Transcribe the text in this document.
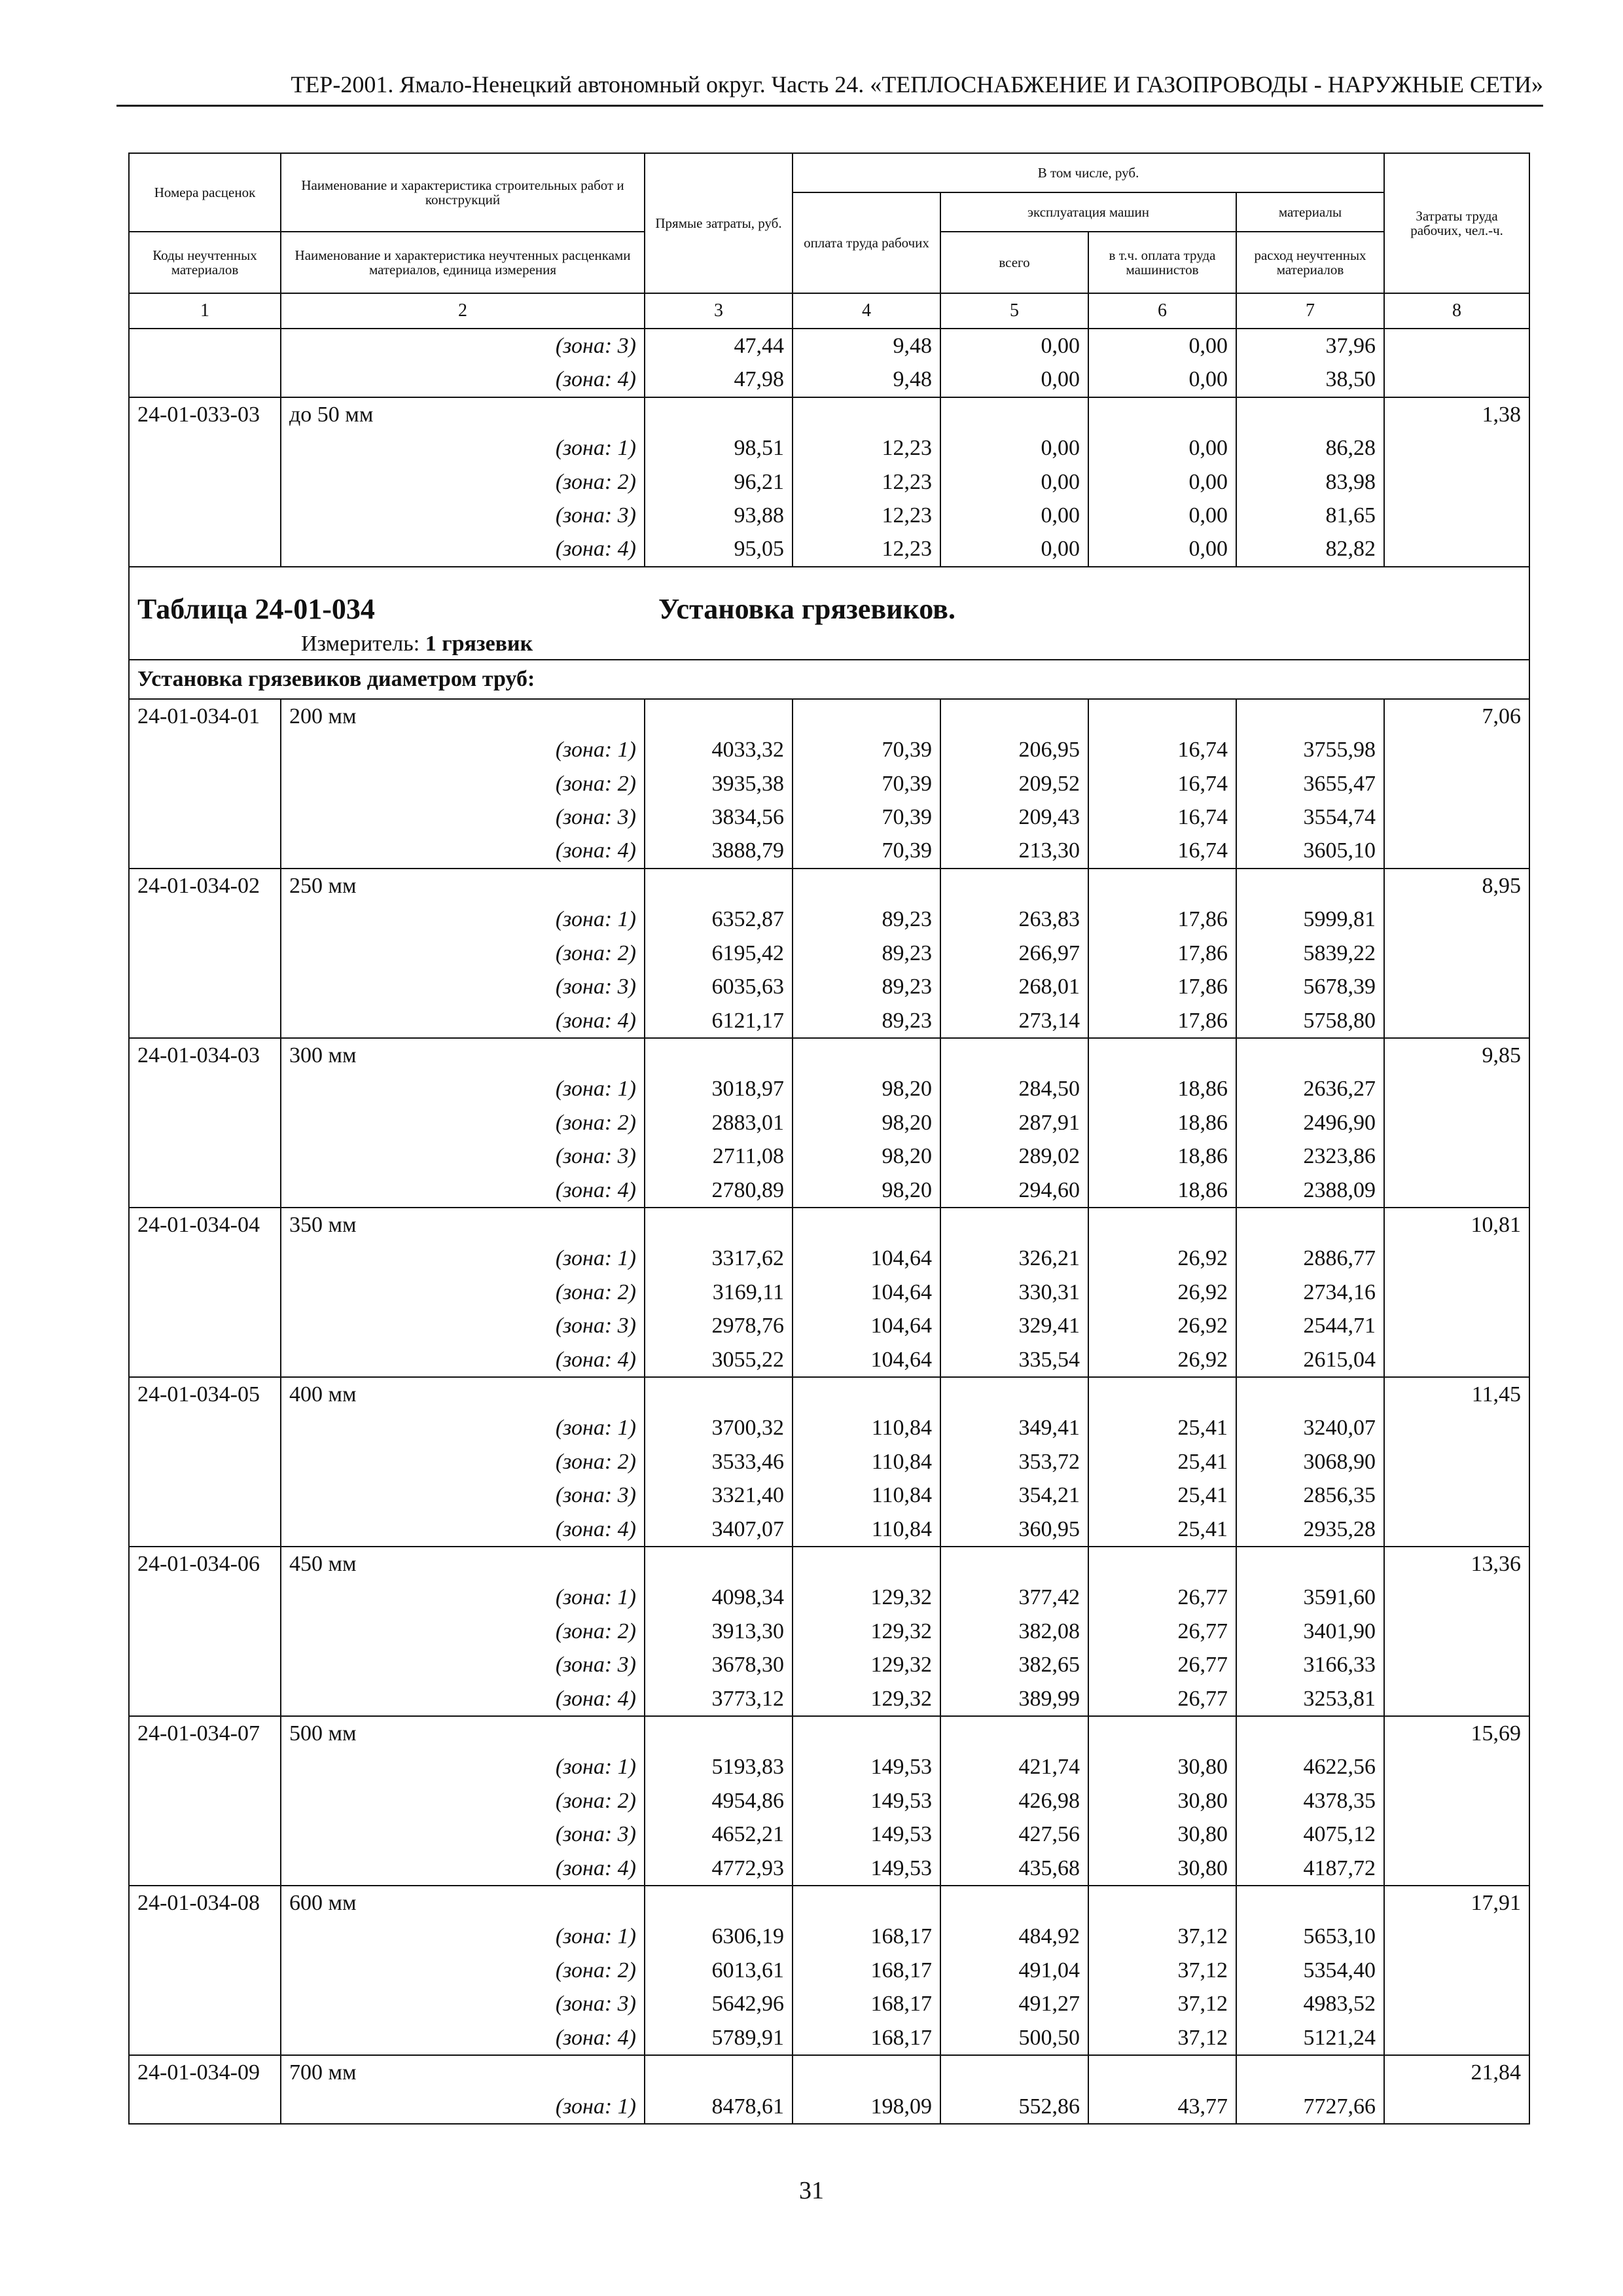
ТЕР-2001. Ямало-Ненецкий автономный округ. Часть 24. «ТЕПЛОСНАБЖЕНИЕ И ГАЗОПРОВОДЫ - НАРУЖНЫЕ СЕТИ»
Номера расценок	Наименование и характеристика строительных работ и конструкций	Прямые затраты, руб.	В том числе, руб.				Затраты труда рабочих, чел.-ч.
			оплата труда рабочих	эксплуатация машин		материалы	
Коды неучтенных материалов	Наименование и характеристика неучтенных расценками материалов, единица измерения			всего	в т.ч. оплата труда машинистов	расход неучтенных материалов	
1	2	3	4	5	6	7	8
	(зона: 3)	47,44	9,48	0,00	0,00	37,96	
	(зона: 4)	47,98	9,48	0,00	0,00	38,50	
24-01-033-03	до 50 мм						1,38
	(зона: 1)	98,51	12,23	0,00	0,00	86,28	
	(зона: 2)	96,21	12,23	0,00	0,00	83,98	
	(зона: 3)	93,88	12,23	0,00	0,00	81,65	
	(зона: 4)	95,05	12,23	0,00	0,00	82,82	

Таблица 24-01-034 Установка грязевиков.
Измеритель: 1 грязевик							

Установка грязевиков диаметром труб:							
24-01-034-01	200 мм						7,06
	(зона: 1)	4033,32	70,39	206,95	16,74	3755,98	
	(зона: 2)	3935,38	70,39	209,52	16,74	3655,47	
	(зона: 3)	3834,56	70,39	209,43	16,74	3554,74	
	(зона: 4)	3888,79	70,39	213,30	16,74	3605,10	
24-01-034-02	250 мм						8,95
	(зона: 1)	6352,87	89,23	263,83	17,86	5999,81	
	(зона: 2)	6195,42	89,23	266,97	17,86	5839,22	
	(зона: 3)	6035,63	89,23	268,01	17,86	5678,39	
	(зона: 4)	6121,17	89,23	273,14	17,86	5758,80	
24-01-034-03	300 мм						9,85
	(зона: 1)	3018,97	98,20	284,50	18,86	2636,27	
	(зона: 2)	2883,01	98,20	287,91	18,86	2496,90	
	(зона: 3)	2711,08	98,20	289,02	18,86	2323,86	
	(зона: 4)	2780,89	98,20	294,60	18,86	2388,09	
24-01-034-04	350 мм						10,81
	(зона: 1)	3317,62	104,64	326,21	26,92	2886,77	
	(зона: 2)	3169,11	104,64	330,31	26,92	2734,16	
	(зона: 3)	2978,76	104,64	329,41	26,92	2544,71	
	(зона: 4)	3055,22	104,64	335,54	26,92	2615,04	
24-01-034-05	400 мм						11,45
	(зона: 1)	3700,32	110,84	349,41	25,41	3240,07	
	(зона: 2)	3533,46	110,84	353,72	25,41	3068,90	
	(зона: 3)	3321,40	110,84	354,21	25,41	2856,35	
	(зона: 4)	3407,07	110,84	360,95	25,41	2935,28	
24-01-034-06	450 мм						13,36
	(зона: 1)	4098,34	129,32	377,42	26,77	3591,60	
	(зона: 2)	3913,30	129,32	382,08	26,77	3401,90	
	(зона: 3)	3678,30	129,32	382,65	26,77	3166,33	
	(зона: 4)	3773,12	129,32	389,99	26,77	3253,81	
24-01-034-07	500 мм						15,69
	(зона: 1)	5193,83	149,53	421,74	30,80	4622,56	
	(зона: 2)	4954,86	149,53	426,98	30,80	4378,35	
	(зона: 3)	4652,21	149,53	427,56	30,80	4075,12	
	(зона: 4)	4772,93	149,53	435,68	30,80	4187,72	
24-01-034-08	600 мм						17,91
	(зона: 1)	6306,19	168,17	484,92	37,12	5653,10	
	(зона: 2)	6013,61	168,17	491,04	37,12	5354,40	
	(зона: 3)	5642,96	168,17	491,27	37,12	4983,52	
	(зона: 4)	5789,91	168,17	500,50	37,12	5121,24	
24-01-034-09	700 мм						21,84
	(зона: 1)	8478,61	198,09	552,86	43,77	7727,66	
31
